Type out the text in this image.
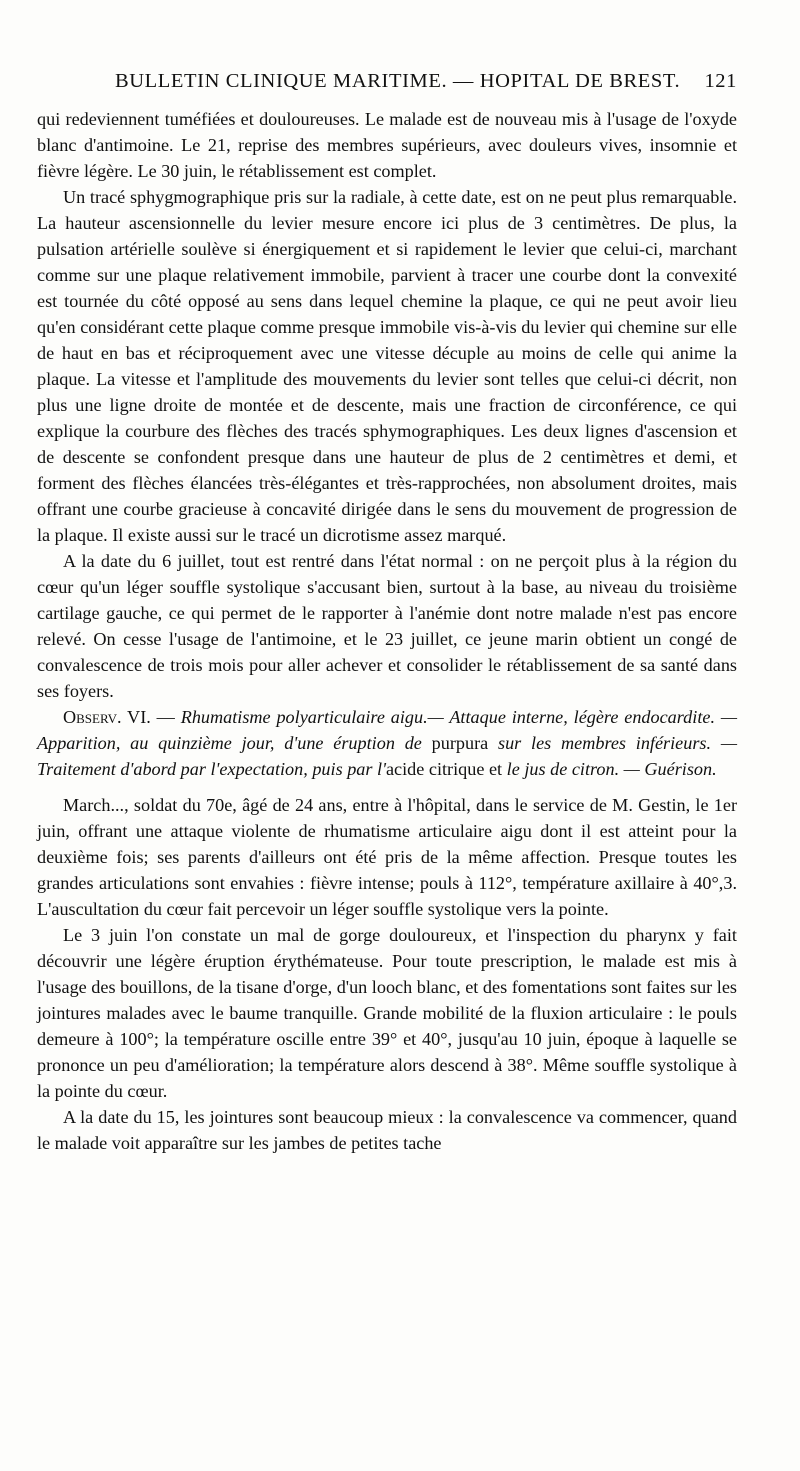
BULLETIN CLINIQUE MARITIME. — HOPITAL DE BREST. 121

qui redeviennent tuméfiées et douloureuses. Le malade est de nouveau mis à l'usage de l'oxyde blanc d'antimoine. Le 21, reprise des membres supérieurs, avec douleurs vives, insomnie et fièvre légère. Le 30 juin, le rétablissement est complet.

Un tracé sphygmographique pris sur la radiale, à cette date, est on ne peut plus remarquable. La hauteur ascensionnelle du levier mesure encore ici plus de 3 centimètres. De plus, la pulsation artérielle soulève si énergiquement et si rapidement le levier que celui-ci, marchant comme sur une plaque relativement immobile, parvient à tracer une courbe dont la convexité est tournée du côté opposé au sens dans lequel chemine la plaque, ce qui ne peut avoir lieu qu'en considérant cette plaque comme presque immobile vis-à-vis du levier qui chemine sur elle de haut en bas et réciproquement avec une vitesse décuple au moins de celle qui anime la plaque. La vitesse et l'amplitude des mouvements du levier sont telles que celui-ci décrit, non plus une ligne droite de montée et de descente, mais une fraction de circonférence, ce qui explique la courbure des flèches des tracés sphymographiques. Les deux lignes d'ascension et de descente se confondent presque dans une hauteur de plus de 2 centimètres et demi, et forment des flèches élancées très-élégantes et très-rapprochées, non absolument droites, mais offrant une courbe gracieuse à concavité dirigée dans le sens du mouvement de progression de la plaque. Il existe aussi sur le tracé un dicrotisme assez marqué.

A la date du 6 juillet, tout est rentré dans l'état normal : on ne perçoit plus à la région du cœur qu'un léger souffle systolique s'accusant bien, surtout à la base, au niveau du troisième cartilage gauche, ce qui permet de le rapporter à l'anémie dont notre malade n'est pas encore relevé. On cesse l'usage de l'antimoine, et le 23 juillet, ce jeune marin obtient un congé de convalescence de trois mois pour aller achever et consolider le rétablissement de sa santé dans ses foyers.

Observ. VI. — Rhumatisme polyarticulaire aigu.— Attaque interne, légère endocardite. — Apparition, au quinzième jour, d'une éruption de purpura sur les membres inférieurs. — Traitement d'abord par l'expectation, puis par l'acide citrique et le jus de citron. — Guérison.

March..., soldat du 70e, âgé de 24 ans, entre à l'hôpital, dans le service de M. Gestin, le 1er juin, offrant une attaque violente de rhumatisme articulaire aigu dont il est atteint pour la deuxième fois; ses parents d'ailleurs ont été pris de la même affection. Presque toutes les grandes articulations sont envahies : fièvre intense; pouls à 112°, température axillaire à 40°,3. L'auscultation du cœur fait percevoir un léger souffle systolique vers la pointe.

Le 3 juin l'on constate un mal de gorge douloureux, et l'inspection du pharynx y fait découvrir une légère éruption érythémateuse. Pour toute prescription, le malade est mis à l'usage des bouillons, de la tisane d'orge, d'un looch blanc, et des fomentations sont faites sur les jointures malades avec le baume tranquille. Grande mobilité de la fluxion articulaire : le pouls demeure à 100°; la température oscille entre 39° et 40°, jusqu'au 10 juin, époque à laquelle se prononce un peu d'amélioration; la température alors descend à 38°. Même souffle systolique à la pointe du cœur.

A la date du 15, les jointures sont beaucoup mieux : la convalescence va commencer, quand le malade voit apparaître sur les jambes de petites tache
